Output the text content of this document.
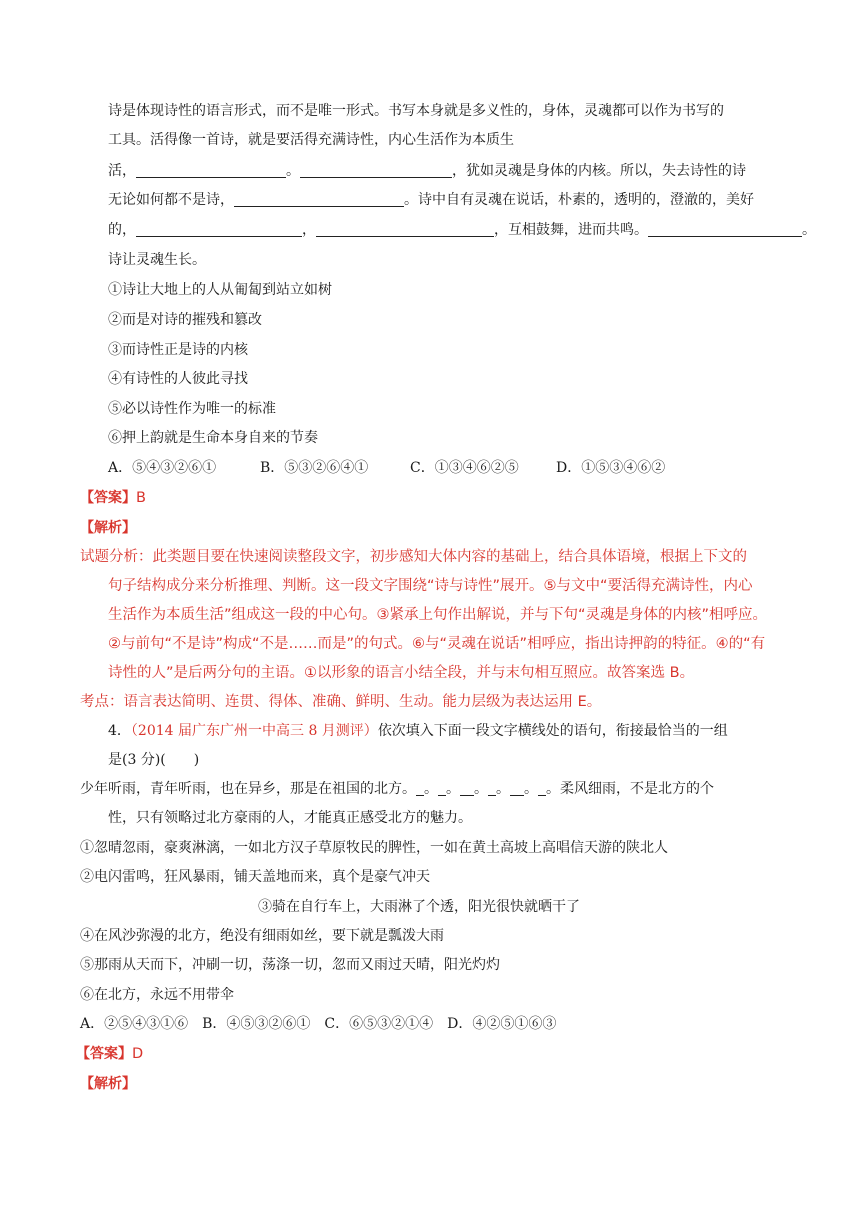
诗是体现诗性的语言形式，而不是唯一形式。书写本身就是多义性的，身体，灵魂都可以作为书写的
工具。活得像一首诗，就是要活得充满诗性，内心生活作为本质生
活，	。	，犹如灵魂是身体的内核。所以，失去诗性的诗
无论如何都不是诗，	。诗中自有灵魂在说话，朴素的，透明的，澄澈的，美好
的，	，	，互相鼓舞，进而共鸣。	。
诗让灵魂生长。
①诗让大地上的人从匍匐到站立如树
②而是对诗的摧残和篡改
③而诗性正是诗的内核
④有诗性的人彼此寻找
⑤必以诗性作为唯一的标准
⑥押上韵就是生命本身自来的节奏
A．⑤④③②⑥①	B．⑤③②⑥④①	C．①③④⑥②⑤	D．①⑤③④⑥②
【答案】B
【解析】
试题分析：此类题目要在快速阅读整段文字，初步感知大体内容的基础上，结合具体语境，根据上下文的
句子结构成分来分析推理、判断。这一段文字围绕“诗与诗性”展开。⑤与文中“要活得充满诗性，内心
生活作为本质生活”组成这一段的中心句。③紧承上句作出解说，并与下句“灵魂是身体的内核”相呼应。
②与前句“不是诗”构成“不是……而是”的句式。⑥与“灵魂在说话”相呼应，指出诗押韵的特征。④的“有
诗性的人”是后两分句的主语。①以形象的语言小结全段，并与末句相互照应。故答案选 B。
考点：语言表达简明、连贯、得体、准确、鲜明、生动。能力层级为表达运用 E。
4．（2014 届广东广州一中高三 8 月测评）依次填入下面一段文字横线处的语句，衔接最恰当的一组
是(3 分)(　　)
少年听雨，青年听雨，也在异乡，那是在祖国的北方。 。 。 。 。 。 。柔风细雨，不是北方的个
性，只有领略过北方豪雨的人，才能真正感受北方的魅力。
①忽晴忽雨，豪爽淋漓，一如北方汉子草原牧民的脾性，一如在黄土高坡上高唱信天游的陕北人
②电闪雷鸣，狂风暴雨，铺天盖地而来，真个是豪气冲天
③骑在自行车上，大雨淋了个透，阳光很快就晒干了
④在风沙弥漫的北方，绝没有细雨如丝，要下就是瓢泼大雨
⑤那雨从天而下，冲刷一切，荡涤一切，忽而又雨过天晴，阳光灼灼
⑥在北方，永远不用带伞
A．②⑤④③①⑥　B．④⑤③②⑥①　C．⑥⑤③②①④　D．④②⑤①⑥③
【答案】D
【解析】
